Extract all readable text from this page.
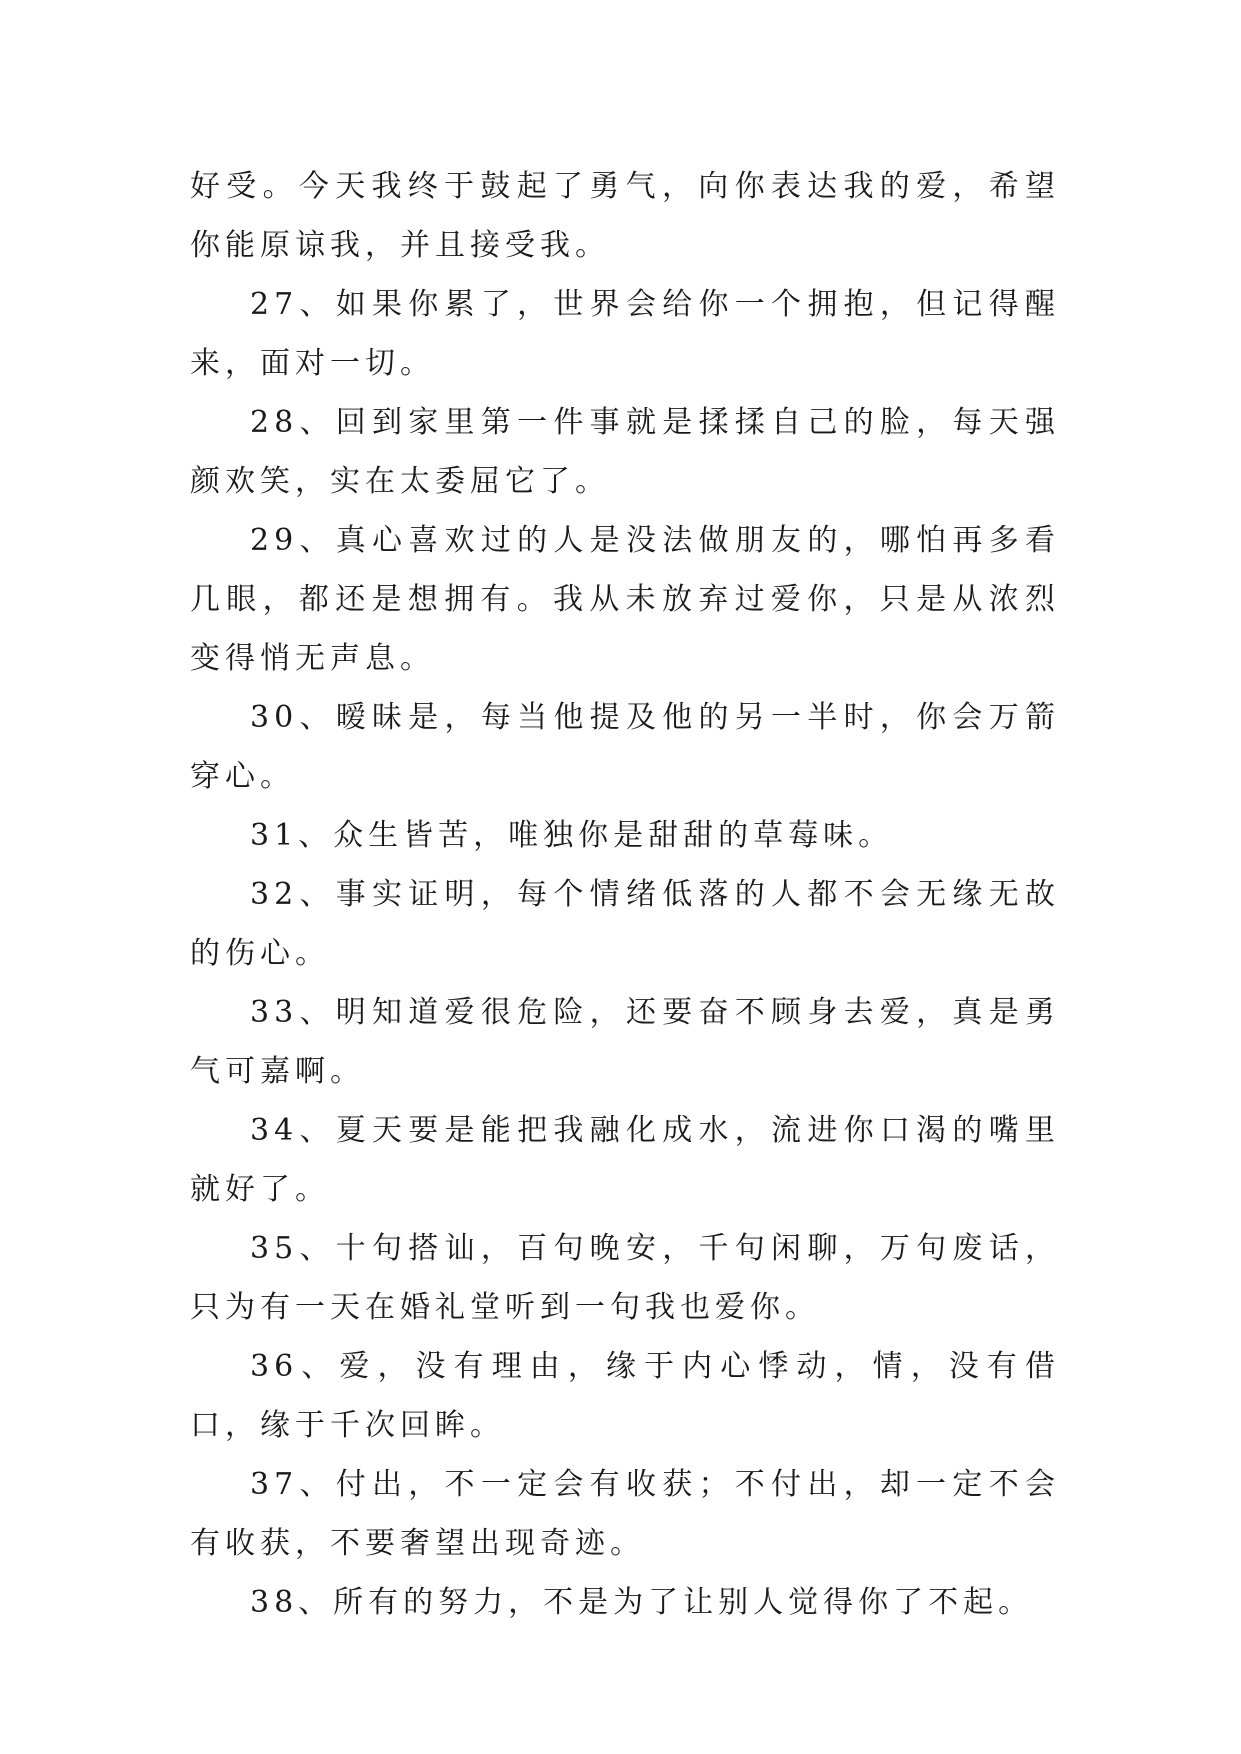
好受。今天我终于鼓起了勇气，向你表达我的爱，希望你能原谅我，并且接受我。

27、如果你累了，世界会给你一个拥抱，但记得醒来，面对一切。

28、回到家里第一件事就是揉揉自己的脸，每天强颜欢笑，实在太委屈它了。

29、真心喜欢过的人是没法做朋友的，哪怕再多看几眼，都还是想拥有。我从未放弃过爱你，只是从浓烈变得悄无声息。

30、暧昧是，每当他提及他的另一半时，你会万箭穿心。

31、众生皆苦，唯独你是甜甜的草莓味。

32、事实证明，每个情绪低落的人都不会无缘无故的伤心。

33、明知道爱很危险，还要奋不顾身去爱，真是勇气可嘉啊。

34、夏天要是能把我融化成水，流进你口渴的嘴里就好了。

35、十句搭讪，百句晚安，千句闲聊，万句废话，只为有一天在婚礼堂听到一句我也爱你。

36、爱，没有理由，缘于内心悸动，情，没有借口，缘于千次回眸。

37、付出，不一定会有收获；不付出，却一定不会有收获，不要奢望出现奇迹。

38、所有的努力，不是为了让别人觉得你了不起。
